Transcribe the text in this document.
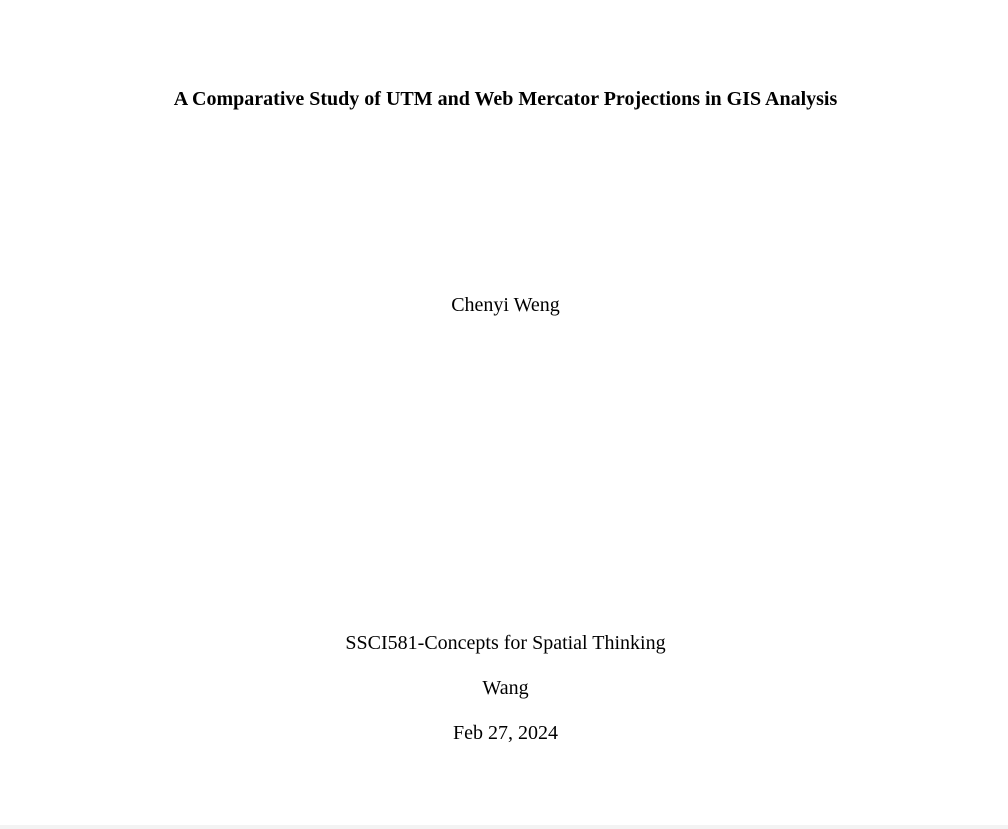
A Comparative Study of UTM and Web Mercator Projections in GIS Analysis
Chenyi Weng
SSCI581-Concepts for Spatial Thinking
Wang
Feb 27, 2024
